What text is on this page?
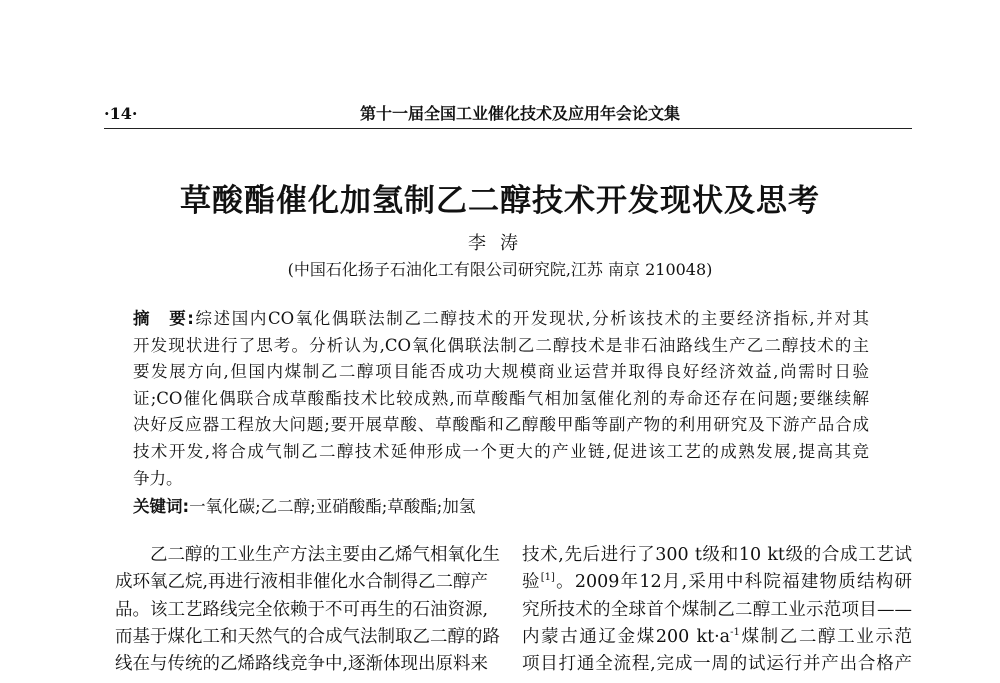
·14·	第十一届全国工业催化技术及应用年会论文集
草酸酯催化加氢制乙二醇技术开发现状及思考
李涛
(中国石化扬子石油化工有限公司研究院,江苏 南京 210048)
摘　要:综述国内CO氧化偶联法制乙二醇技术的开发现状,分析该技术的主要经济指标,并对其
开发现状进行了思考。分析认为,CO氧化偶联法制乙二醇技术是非石油路线生产乙二醇技术的主
要发展方向,但国内煤制乙二醇项目能否成功大规模商业运营并取得良好经济效益,尚需时日验
证;CO催化偶联合成草酸酯技术比较成熟,而草酸酯气相加氢催化剂的寿命还存在问题;要继续解
决好反应器工程放大问题;要开展草酸、草酸酯和乙醇酸甲酯等副产物的利用研究及下游产品合成
技术开发,将合成气制乙二醇技术延伸形成一个更大的产业链,促进该工艺的成熟发展,提高其竞
争力。
关键词:一氧化碳;乙二醇;亚硝酸酯;草酸酯;加氢
乙二醇的工业生产方法主要由乙烯气相氧化生
成环氧乙烷,再进行液相非催化水合制得乙二醇产
品。该工艺路线完全依赖于不可再生的石油资源,
而基于煤化工和天然气的合成气法制取乙二醇的路
线在与传统的乙烯路线竞争中,逐渐体现出原料来
技术,先后进行了300 t级和10 kt级的合成工艺试
验[1]。2009年12月,采用中科院福建物质结构研
究所技术的全球首个煤制乙二醇工业示范项目——
内蒙古通辽金煤200 $kt\cdot a^{-1}$煤制乙二醇工业示范
项目打通全流程,完成一周的试运行并产出合格产
